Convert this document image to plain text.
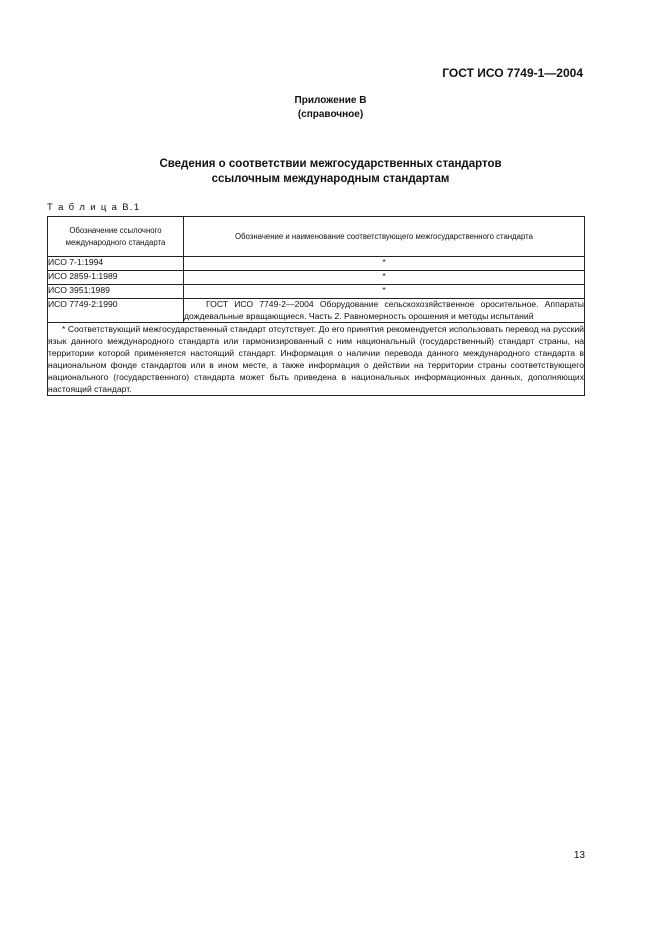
ГОСТ ИСО 7749-1—2004
Приложение В
(справочное)
Сведения о соответствии межгосударственных стандартов
ссылочным международным стандартам
Т а б л и ц а В.1
Обозначение ссылочного
международного стандарта	Обозначение и наименование соответствующего межгосударственного стандарта
ИСО 7-1:1994	*
ИСО 2859-1:1989	*
ИСО 3951:1989	*
ИСО 7749-2:1990	ГОСТ ИСО 7749-2—2004 Оборудование сельскохозяйственное оросительное. Аппараты дождевальные вращающиеся. Часть 2. Равномерность орошения и методы испытаний
* Соответствующий межгосударственный стандарт отсутствует. До его принятия рекомендуется использовать перевод на русский язык данного международного стандарта или гармонизированный с ним национальный (государственный) стандарт страны, на территории которой применяется настоящий стандарт. Информация о наличии перевода данного международного стандарта в национальном фонде стандартов или в ином месте, а также информация о действии на территории страны соответствующего национального (государственного) стандарта может быть приведена в национальных информационных данных, дополняющих настоящий стандарт.	
13
